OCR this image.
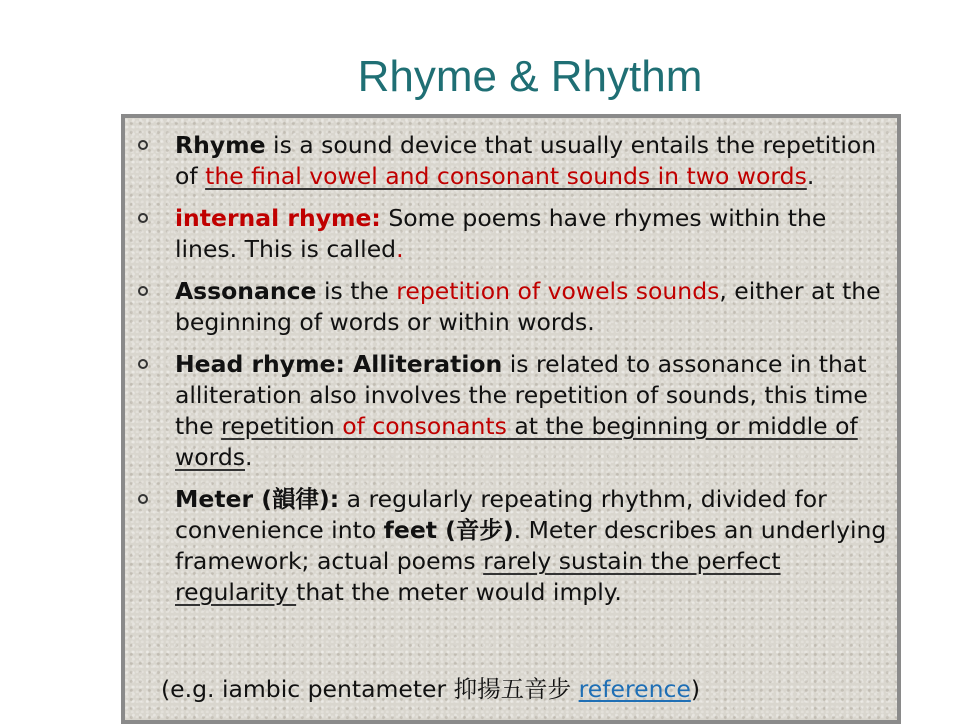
Rhyme & Rhythm
Rhyme is a sound device that usually entails the repetition of the final vowel and consonant sounds in two words.
internal rhyme: Some poems have rhymes within the lines. This is called.
Assonance is the repetition of vowels sounds, either at the beginning of words or within words.
Head rhyme: Alliteration is related to assonance in that alliteration also involves the repetition of sounds, this time the repetition of consonants at the beginning or middle of words.
Meter (韻律): a regularly repeating rhythm, divided for convenience into feet (音步). Meter describes an underlying framework; actual poems rarely sustain the perfect regularity that the meter would imply.
(e.g. iambic pentameter 抑揚五音步 reference)
